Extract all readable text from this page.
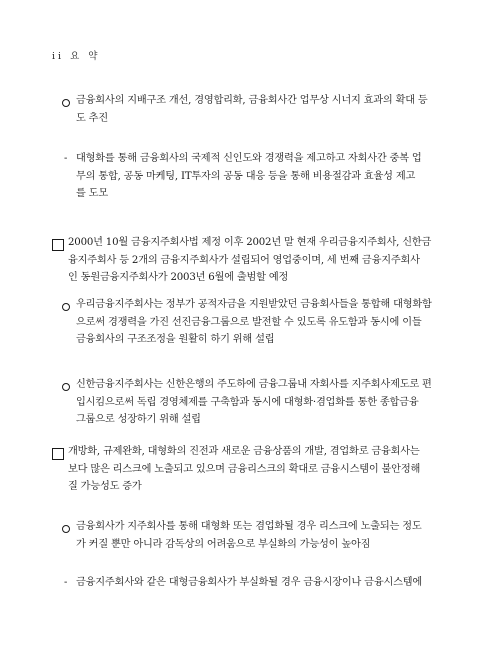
ii 요 약
금융회사의 지배구조 개선, 경영합리화, 금융회사간 업무상 시너지 효과의 확대 등
도 추진
- 대형화를 통해 금융회사의 국제적 신인도와 경쟁력을 제고하고 자회사간 중복 업
무의 통합, 공동 마케팅, IT투자의 공동 대응 등을 통해 비용절감과 효율성 제고
를 도모
2000년 10월 금융지주회사법 제정 이후 2002년 말 현재 우리금융지주회사, 신한금
융지주회사 등 2개의 금융지주회사가 설립되어 영업중이며, 세 번째 금융지주회사
인 동원금융지주회사가 2003년 6월에 출범할 예정
우리금융지주회사는 정부가 공적자금을 지원받았던 금융회사들을 통합해 대형화함
으로써 경쟁력을 가진 선진금융그룹으로 발전할 수 있도록 유도함과 동시에 이들
금융회사의 구조조정을 원활히 하기 위해 설립
신한금융지주회사는 신한은행의 주도하에 금융그룹내 자회사를 지주회사제도로 편
입시킴으로써 독립 경영체제를 구축함과 동시에 대형화·겸업화를 통한 종합금융
그룹으로 성장하기 위해 설립
개방화, 규제완화, 대형화의 진전과 새로운 금융상품의 개발, 겸업화로 금융회사는
보다 많은 리스크에 노출되고 있으며 금융리스크의 확대로 금융시스템이 불안정해
질 가능성도 증가
금융회사가 지주회사를 통해 대형화 또는 겸업화될 경우 리스크에 노출되는 정도
가 커질 뿐만 아니라 감독상의 어려움으로 부실화의 가능성이 높아짐
- 금융지주회사와 같은 대형금융회사가 부실화될 경우 금융시장이나 금융시스템에
